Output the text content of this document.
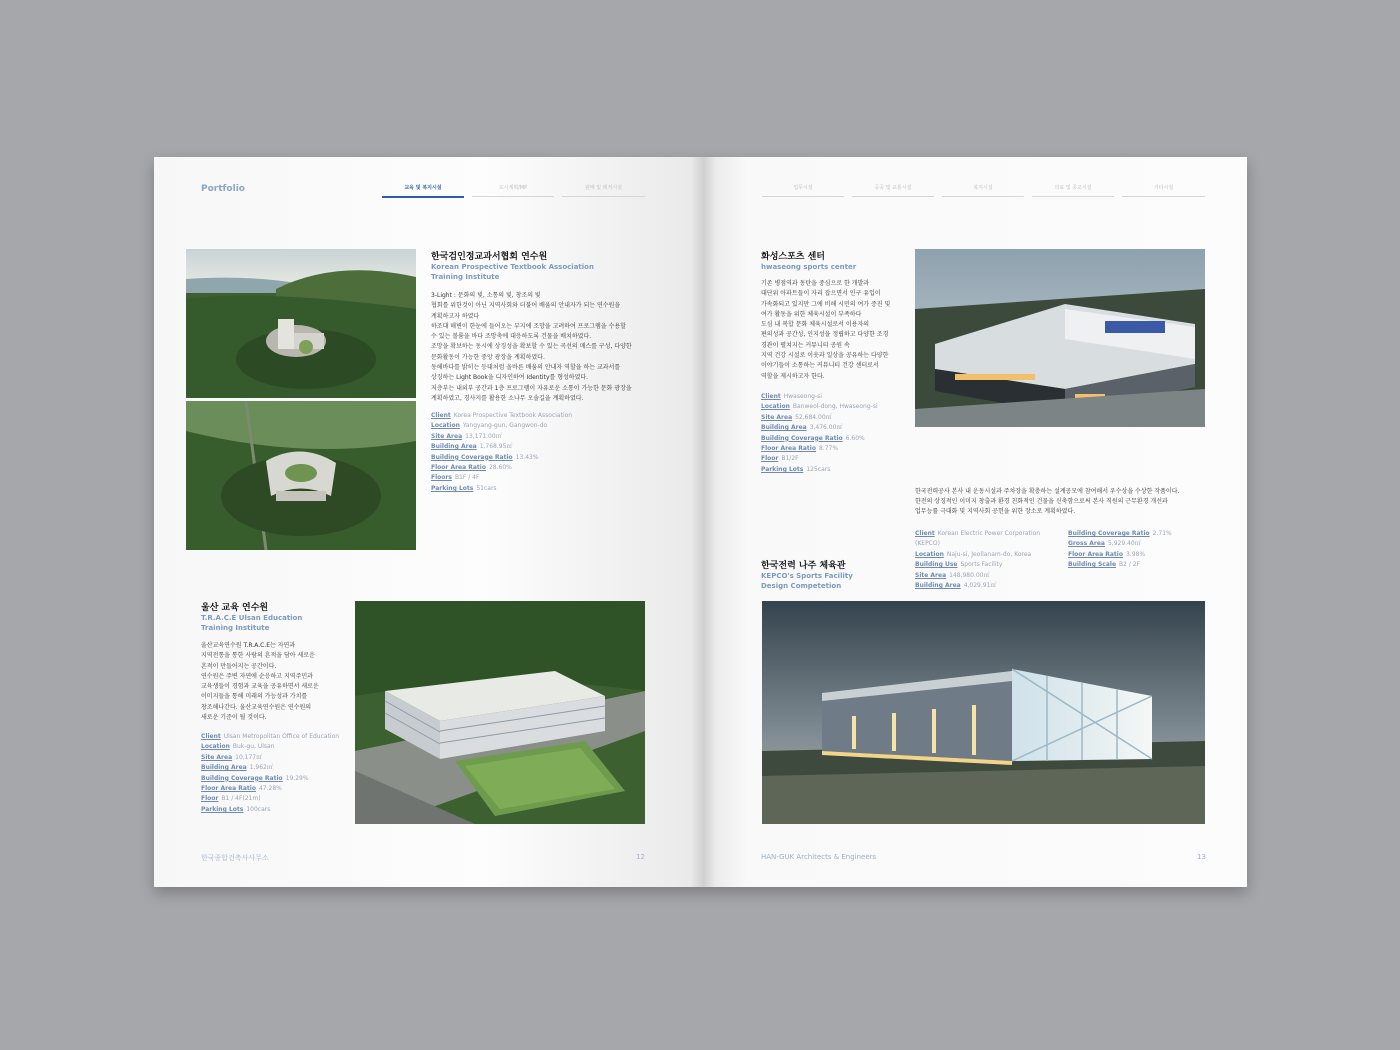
Portfolio	교육 및 복지시설	도시계획/MP	판매 및 레저시설	업무시설	공공 및 교통시설	복지시설	의료 및 종교시설	기타시설
한국검인정교과서협회 연수원
Korean Prospective Textbook Association Training Institute
3-Light : 문화의 빛, 소통의 빛, 창조의 빛
협회를 위한것이 아닌 지역사회와 더불어 배움의 안내자가 되는 연수원을
계획하고자 하였다
하조대 해변이 한눈에 들어오는 부지에 조망을 고려하여 프로그램을 수용할
수 있는 볼륨을 바다 조망축에 대응하도록 건물을 배치하였다.
조망을 확보하는 동시에 상징성을 확보할 수 있는 곡선의 매스를 구성, 다양한
문화활동이 가능한 중앙 광장을 계획하였다.
동해바다를 밝히는 등대처럼 올바른 배움의 안내자 역할을 하는 교과서를
상징하는 Light Book을 디자인하여 Identity를 형성하였다.
저층부는 내외부 공간과 1층 프로그램이 자유로운 소통이 가능한 문화 광장을
계획하였고, 경사지를 활용한 소나무 오솔길을 계획하였다.
Client Korea Prospective Textbook Association
Location Yangyang-gun, Gangwon-do
Site Area 13,171.00㎡
Building Area 1,768.95㎡
Building Coverage Ratio 13.43%
Floor Area Ratio 28.60%
Floors B1F / 4F
Parking Lots 51cars
울산 교육 연수원
T.R.A.C.E Ulsan Education Training Institute
울산교육연수원 T.R.A.C.E는 자연과
지역전통을 통한 사람의 흔적을 담아 새로운
흔적이 만들어지는 공간이다.
연수원은 주변 자연에 순응하고 지역주민과
교육생들이 경험과 교육을 공유하면서 새로운
이미지들을 통해 미래의 가능성과 가치를
창조해나간다. 울산교육연수원은 연수원의
새로운 기준이 될 것이다.
Client Ulsan Metropolitan Office of Education
Location Buk-gu, Ulsan
Site Area 10,177㎡
Building Area 1,962㎡
Building Coverage Ratio 19.29%
Floor Area Ratio 47.28%
Floor B1 / 4F(21m)
Parking Lots 100cars
한국종합건축사사무소	12
화성스포츠 센터
hwaseong sports center
기존 병점역과 동탄을 중심으로 한 개발과
대단위 아파트들이 자리 잡으면서 인구 유입이
가속화되고 있지만 그에 비해 시민의 여가 증진 및
여가 활동을 위한 체육시설이 부족하다
도심 내 복합 문화 체육시설로서 이용자의
편의성과 공간성, 인지성을 정립하고 다양한 조경
경관이 펼쳐지는 커뮤니티 공원 속
지역 건강 시설로 이웃과 일상을 공유하는 다양한
이야기들이 소통하는 커뮤니티 건강 센터로서
역할을 제시하고자 한다.
Client Hwaseong-si
Location Banweol-dong, Hwaseong-si
Site Area 52,684.00㎡
Building Area 3,476.00㎡
Building Coverage Ratio 6.60%
Floor Area Ratio 8.77%
Floor B1/2F
Parking Lots 125cars
한국전력공사 본사 내 운동시설과 주차장을 확충하는 설계공모에 참여해서 우수상을 수상한 작품이다.
한전의 상징적인 이미지 창출과 환경 친화적인 건물을 신축함으로써 본사 직원의 근무환경 개선과
업무능률 극대화 및 지역사회 공헌을 위한 장소로 계획하였다.
Client Korean Electric Power Corporation (KEPCO)
Location Naju-si, Jeollanam-do, Korea
Building Use Sports Facility
Site Area 148,980.00㎡
Building Area 4,029.91㎡
Building Coverage Ratio 2.71%
Gross Area 5,929.40㎡
Floor Area Ratio 3.98%
Building Scale B2 / 2F
한국전력 나주 체육관
KEPCO's Sports Facility Design Competetion
HAN-GUK Architects & Engineers	13
